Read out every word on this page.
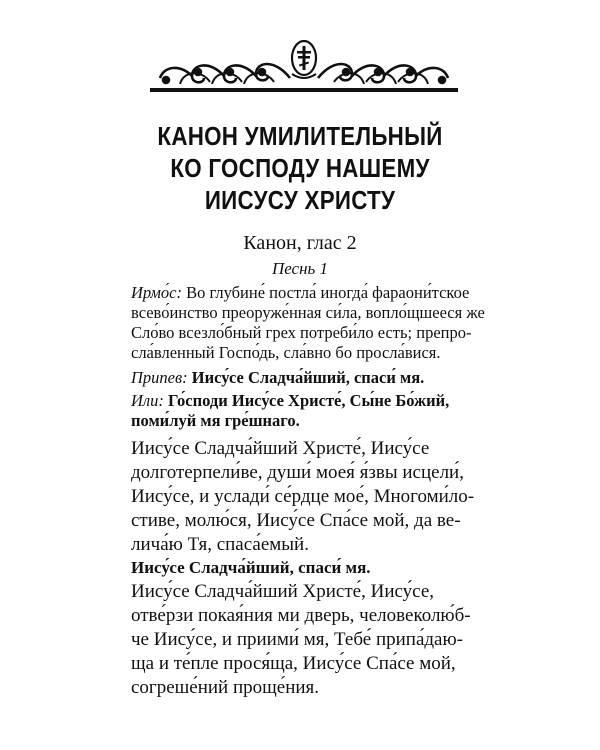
КАНОН УМИЛИТЕЛЬНЫЙ
КО ГОСПОДУ НАШЕМУ
ИИСУСУ ХРИСТУ
Канон, глас 2
Песнь 1

Ирмо́с: Во глубине́ постла́ иногда́ фараони́тское
всево́инство преоруже́нная си́ла, вопло́щшееся же
Сло́во всезло́бный грех потреби́ло есть; препро-
сла́вленный Госпо́дь, сла́вно бо просла́вися.

Припев: Иису́се Сладча́йший, спаси́ мя.

Или: Го́споди Иису́се Христе́, Сы́не Бо́жий,
поми́луй мя гре́шнаго.

Иису́се Сладча́йший Христе́, Иису́се
долготерпели́ве, души́ моея́ я́звы исцели́,
Иису́се, и услади́ се́рдце мое́, Многоми́ло-
стиве, молю́ся, Иису́се Спа́се мой, да ве-
лича́ю Тя, спаса́емый.

Иису́се Сладча́йший, спаси́ мя.

Иису́се Сладча́йший Христе́, Иису́се,
отве́рзи покая́ния ми дверь, человеколю́б-
че Иису́се, и приими́ мя, Тебе́ припа́даю-
ща и те́пле прося́ща, Иису́се Спа́се мой,
согреше́ний проще́ния.
